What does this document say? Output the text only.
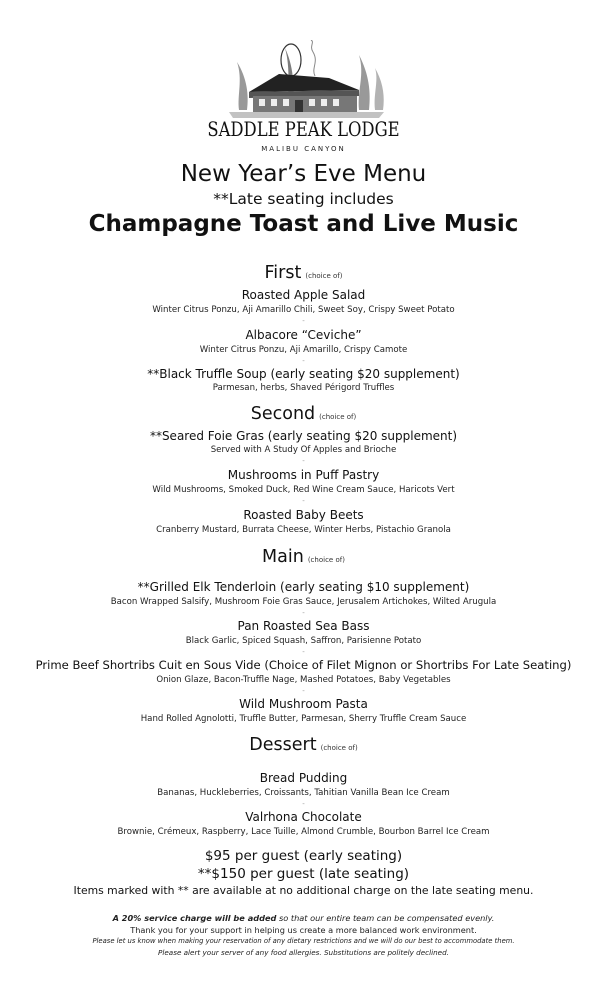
SADDLE PEAK LODGE
MALIBU CANYON
New Year’s Eve Menu
**Late seating includes
Champagne Toast and Live Music
First (choice of)
Roasted Apple Salad
Winter Citrus Ponzu, Aji Amarillo Chili, Sweet Soy, Crispy Sweet Potato
-
Albacore “Ceviche”
Winter Citrus Ponzu, Aji Amarillo, Crispy Camote
-
**Black Truffle Soup (early seating $20 supplement)
Parmesan, herbs, Shaved Périgord Truffles
Second (choice of)
**Seared Foie Gras (early seating $20 supplement)
Served with A Study Of Apples and Brioche
-
Mushrooms in Puff Pastry
Wild Mushrooms, Smoked Duck, Red Wine Cream Sauce, Haricots Vert
-
Roasted Baby Beets
Cranberry Mustard, Burrata Cheese, Winter Herbs, Pistachio Granola
Main (choice of)
**Grilled Elk Tenderloin (early seating $10 supplement)
Bacon Wrapped Salsify, Mushroom Foie Gras Sauce, Jerusalem Artichokes, Wilted Arugula
-
Pan Roasted Sea Bass
Black Garlic, Spiced Squash, Saffron, Parisienne Potato
-
Prime Beef Shortribs Cuit en Sous Vide (Choice of Filet Mignon or Shortribs For Late Seating)
Onion Glaze, Bacon-Truffle Nage, Mashed Potatoes, Baby Vegetables
-
Wild Mushroom Pasta
Hand Rolled Agnolotti, Truffle Butter, Parmesan, Sherry Truffle Cream Sauce
Dessert (choice of)
Bread Pudding
Bananas, Huckleberries, Croissants, Tahitian Vanilla Bean Ice Cream
-
Valrhona Chocolate
Brownie, Crémeux, Raspberry, Lace Tuille, Almond Crumble, Bourbon Barrel Ice Cream
$95 per guest (early seating)
**$150 per guest (late seating)
Items marked with ** are available at no additional charge on the late seating menu.
A 20% service charge will be added so that our entire team can be compensated evenly.
Thank you for your support in helping us create a more balanced work environment.
Please let us know when making your reservation of any dietary restrictions and we will do our best to accommodate them.
Please alert your server of any food allergies. Substitutions are politely declined.
